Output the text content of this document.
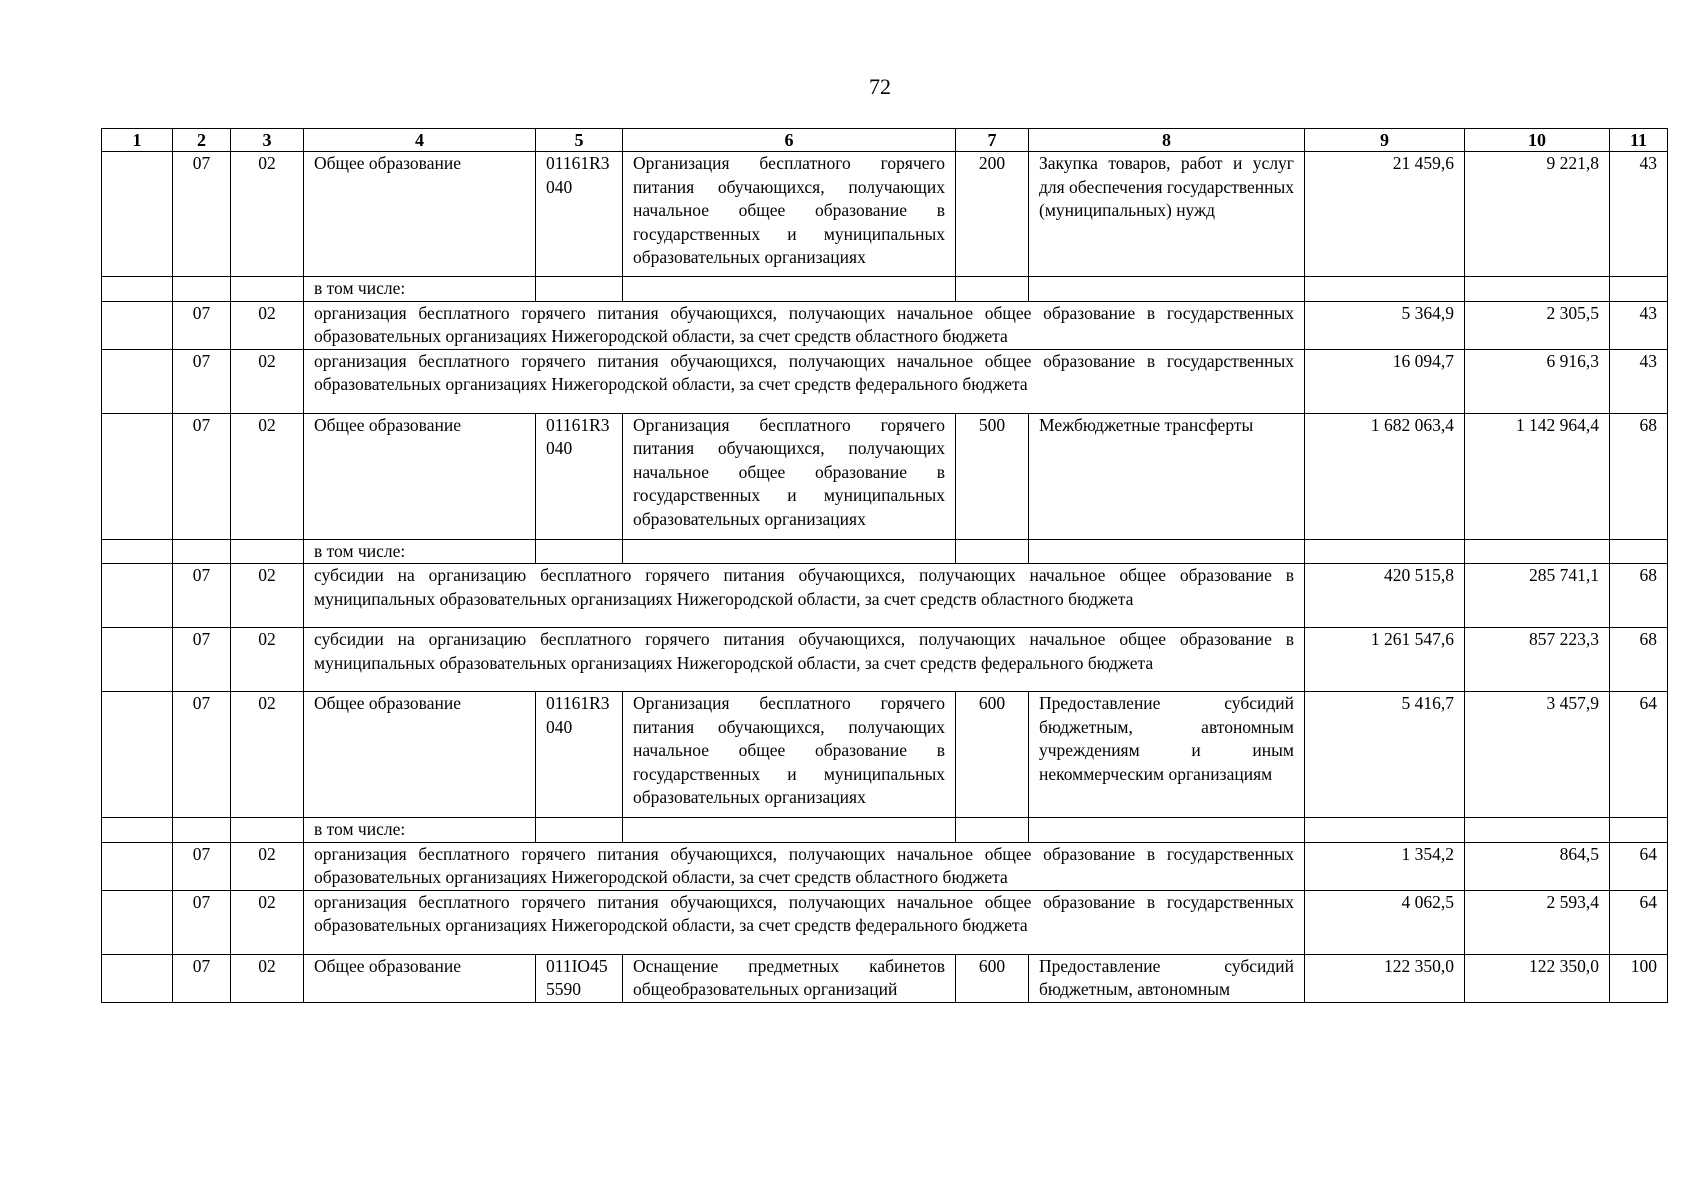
72
1	2	3	4	5	6	7	8	9	10	11
	07	02	Общее образование	01161R3040	Организация бесплатного горячего питания обучающихся, получающих начальное общее образование в государственных и муниципальных образовательных организациях	200	Закупка товаров, работ и услуг для обеспечения государственных (муниципальных) нужд	21 459,6	9 221,8	43
			в том числе:							
	07	02	организация бесплатного горячего питания обучающихся, получающих начальное общее образование в государственных образовательных организациях Нижегородской области, за счет средств областного бюджета					5 364,9	2 305,5	43
	07	02	организация бесплатного горячего питания обучающихся, получающих начальное общее образование в государственных образовательных организациях Нижегородской области, за счет средств федерального бюджета					16 094,7	6 916,3	43
	07	02	Общее образование	01161R3040	Организация бесплатного горячего питания обучающихся, получающих начальное общее образование в государственных и муниципальных образовательных организациях	500	Межбюджетные трансферты	1 682 063,4	1 142 964,4	68
			в том числе:							
	07	02	субсидии на организацию бесплатного горячего питания обучающихся, получающих начальное общее образование в муниципальных образовательных организациях Нижегородской области, за счет средств областного бюджета					420 515,8	285 741,1	68
	07	02	субсидии на организацию бесплатного горячего питания обучающихся, получающих начальное общее образование в муниципальных образовательных организациях Нижегородской области, за счет средств федерального бюджета					1 261 547,6	857 223,3	68
	07	02	Общее образование	01161R3040	Организация бесплатного горячего питания обучающихся, получающих начальное общее образование в государственных и муниципальных образовательных организациях	600	Предоставление субсидий бюджетным, автономным учреждениям и иным некоммерческим организациям	5 416,7	3 457,9	64
			в том числе:							
	07	02	организация бесплатного горячего питания обучающихся, получающих начальное общее образование в государственных образовательных организациях Нижегородской области, за счет средств областного бюджета					1 354,2	864,5	64
	07	02	организация бесплатного горячего питания обучающихся, получающих начальное общее образование в государственных образовательных организациях Нижегородской области, за счет средств федерального бюджета					4 062,5	2 593,4	64
	07	02	Общее образование	011IO455590	Оснащение предметных кабинетов общеобразовательных организаций	600	Предоставление субсидий бюджетным, автономным	122 350,0	122 350,0	100
